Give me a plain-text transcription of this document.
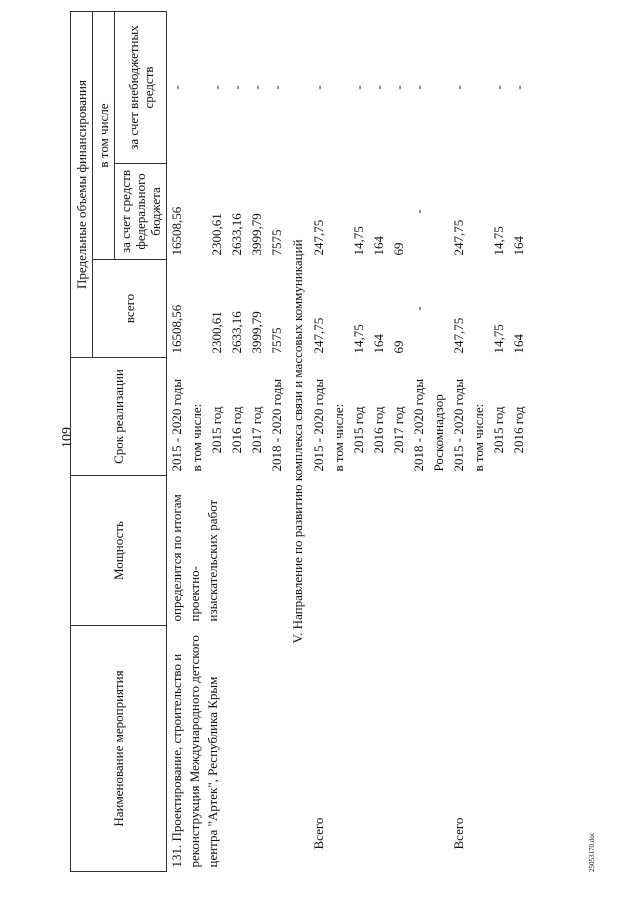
109
25053170.doc
Наименование мероприятия	Мощность	Срок реализации	Предельные объемы финансирования		
			всего	в том числе	
				за счет средств федерального бюджета	за счет внебюджетных средств
131.Проектирование, строительство и реконструкция Международного детского центра "Артек", Республика Крым	определится по итогам проектно-изыскательских работ	2015 - 2020 годы	16508,56	16508,56	-
		в том числе:			
		2015 год	2300,61	2300,61	-
		2016 год	2633,16	2633,16	-
		2017 год	3999,79	3999,79	-
		2018 - 2020 годы	7575	7575	-
V. Направление по развитию комплекса связи и массовых коммуникаций					
Всего		2015 - 2020 годы	247,75	247,75	-
		в том числе:			
		2015 год	14,75	14,75	-
		2016 год	164	164	-
		2017 год	69	69	-
		2018 - 2020 годы	-	-	-
		Роскомнадзор			
Всего		2015 - 2020 годы	247,75	247,75	-
		в том числе:			
		2015 год	14,75	14,75	-
		2016 год	164	164	-
